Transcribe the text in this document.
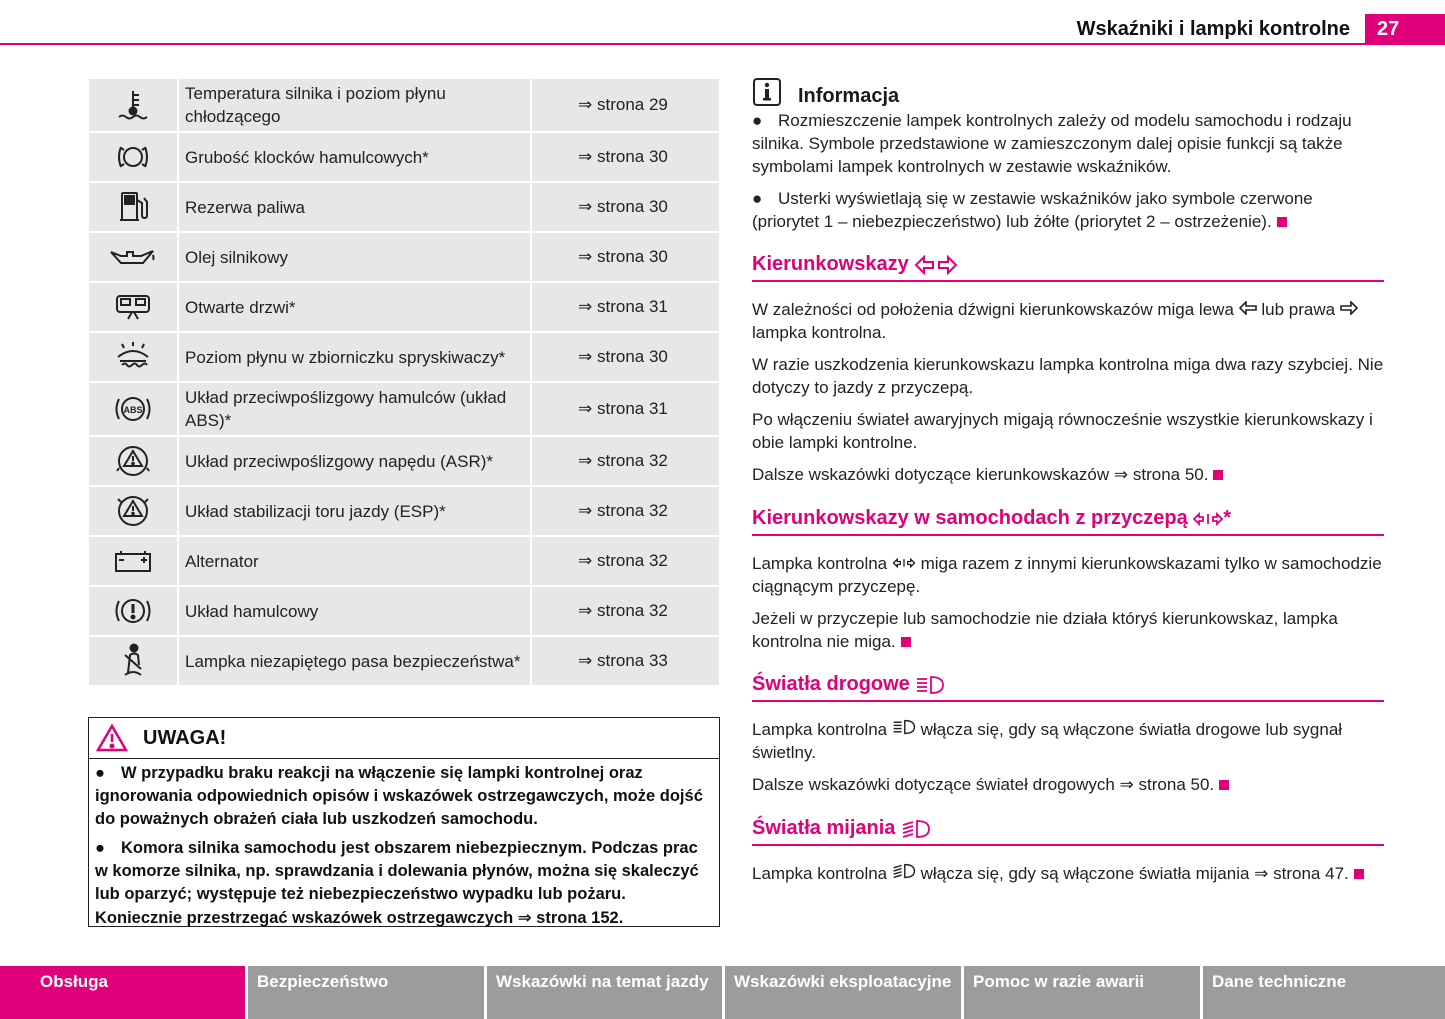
Wskaźniki i lampki kontrolne	27
	Temperatura silnika i poziom płynu chłodzącego	⇒ strona 29

	Grubość klocków hamulcowych*	⇒ strona 30

	Rezerwa paliwa	⇒ strona 30

	Olej silnikowy	⇒ strona 30

	Otwarte drzwi*	⇒ strona 31

	Poziom płynu w zbiorniczku spryskiwaczy*	⇒ strona 30

ABS	Układ przeciwpoślizgowy hamulców (układ ABS)*	⇒ strona 31

	Układ przeciwpoślizgowy napędu (ASR)*	⇒ strona 32

	Układ stabilizacji toru jazdy (ESP)*	⇒ strona 32

	Alternator	⇒ strona 32

	Układ hamulcowy	⇒ strona 32

	Lampka niezapiętego pasa bezpieczeństwa*	⇒ strona 33
UWAGA!

● W przypadku braku reakcji na włączenie się lampki kontrolnej oraz ignorowania odpowiednich opisów i wskazówek ostrzegawczych, może dojść do poważnych obrażeń ciała lub uszkodzeń samochodu.

● Komora silnika samochodu jest obszarem niebezpiecznym. Podczas prac w komorze silnika, np. sprawdzania i dolewania płynów, można się skaleczyć lub oparzyć; występuje też niebezpieczeństwo wypadku lub pożaru. Koniecznie przestrzegać wskazówek ostrzegawczych ⇒ strona 152.

Informacja

● Rozmieszczenie lampek kontrolnych zależy od modelu samochodu i rodzaju silnika. Symbole przedstawione w zamieszczonym dalej opisie funkcji są także symbolami lampek kontrolnych w zestawie wskaźników.

● Usterki wyświetlają się w zestawie wskaźników jako symbole czerwone (priorytet 1 – niebezpieczeństwo) lub żółte (priorytet 2 – ostrzeżenie).

Kierunkowskazy

W zależności od położenia dźwigni kierunkowskazów miga lewa lub prawa  lampka kontrolna.

W razie uszkodzenia kierunkowskazu lampka kontrolna miga dwa razy szybciej. Nie dotyczy to jazdy z przyczepą.

Po włączeniu świateł awaryjnych migają równocześnie wszystkie kierunkowskazy i obie lampki kontrolne.

Dalsze wskazówki dotyczące kierunkowskazów ⇒ strona 50.

Kierunkowskazy w samochodach z przyczepą *

Lampka kontrolna miga razem z innymi kierunkowskazami tylko w samochodzie ciągnącym przyczepę.

Jeżeli w przyczepie lub samochodzie nie działa któryś kierunkowskaz, lampka kontrolna nie miga.

Światła drogowe

Lampka kontrolna włącza się, gdy są włączone światła drogowe lub sygnał świetlny.

Dalsze wskazówki dotyczące świateł drogowych ⇒ strona 50.

Światła mijania

Lampka kontrolna włącza się, gdy są włączone światła mijania ⇒ strona 47.

Obsługa	Bezpieczeństwo	Wskazówki na temat jazdy	Wskazówki eksploatacyjne	Pomoc w razie awarii	Dane techniczne
